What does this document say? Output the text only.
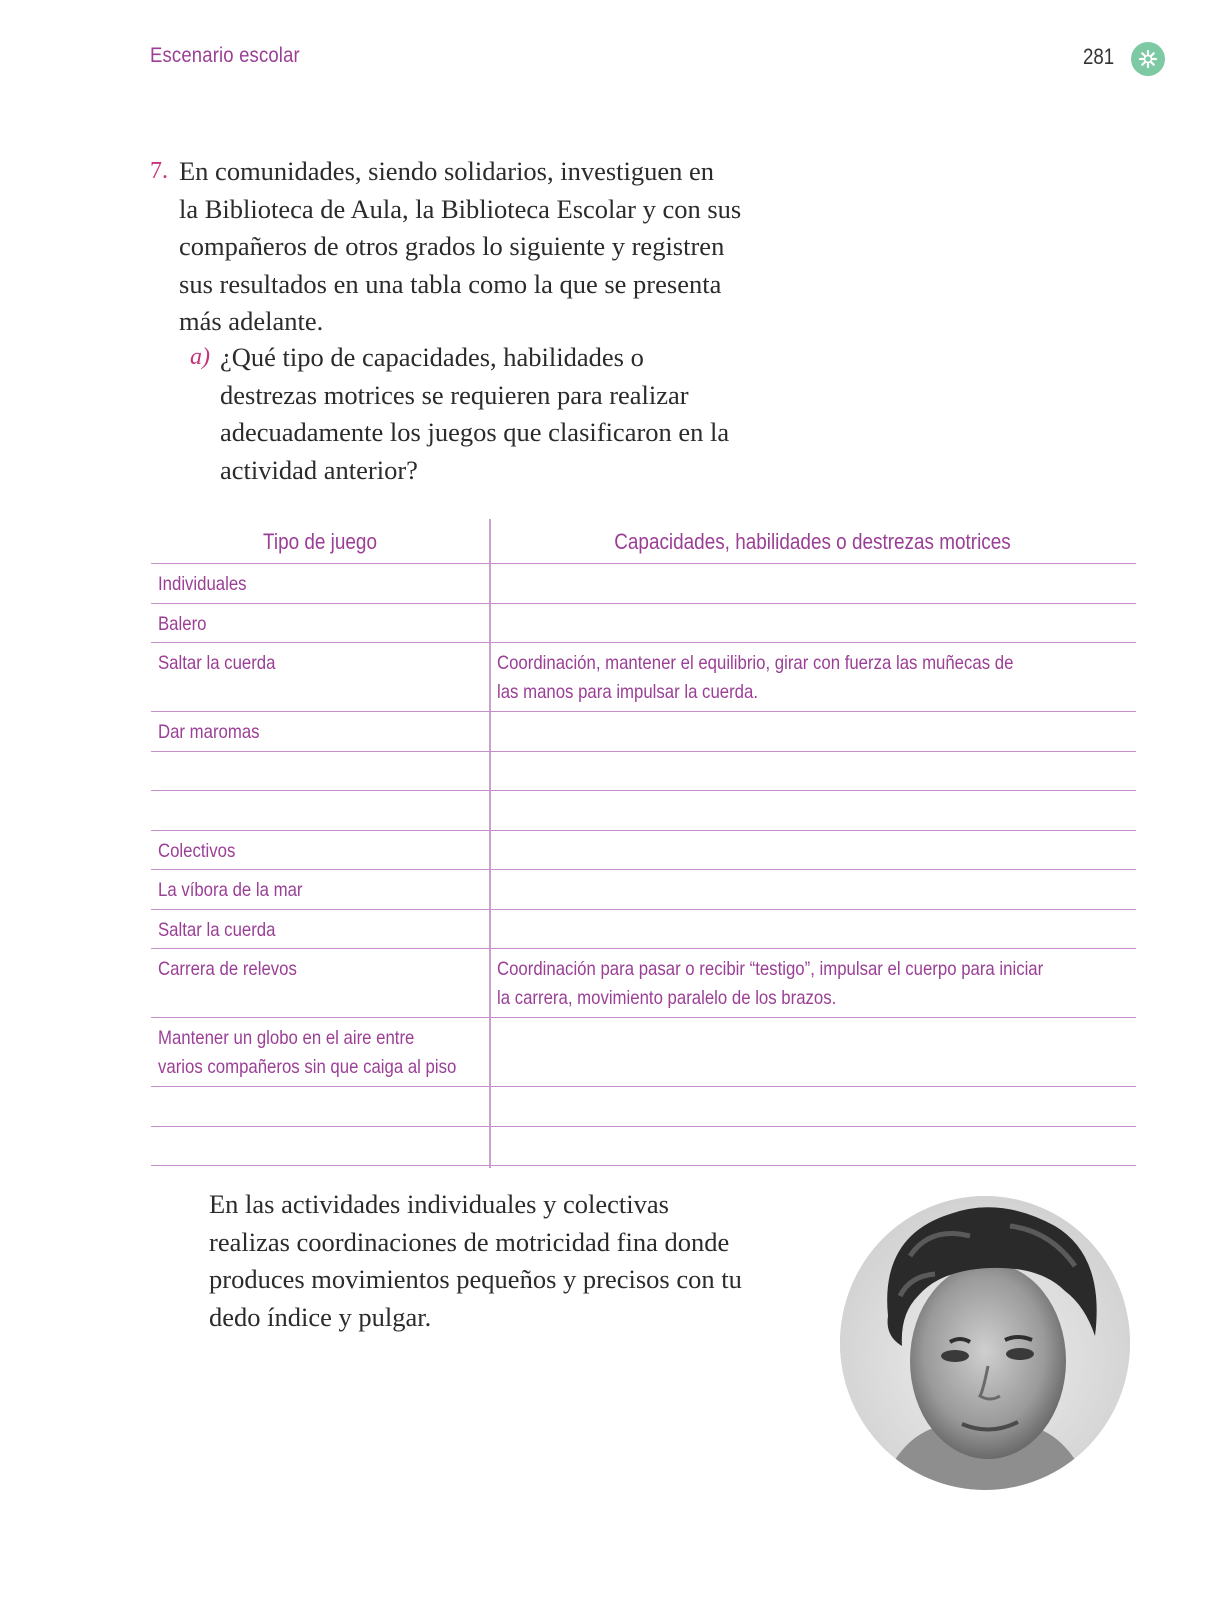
Escenario escolar	281
7. En comunidades, siendo solidarios, investiguen en
la Biblioteca de Aula, la Biblioteca Escolar y con sus
compañeros de otros grados lo siguiente y registren
sus resultados en una tabla como la que se presenta
más adelante.
a) ¿Qué tipo de capacidades, habilidades o
destrezas motrices se requieren para realizar
adecuadamente los juegos que clasificaron en la
actividad anterior?
Tipo de juego	Capacidades, habilidades o destrezas motrices
Individuales
Balero
Saltar la cuerda	Coordinación, mantener el equilibrio, girar con fuerza las muñecas de
las manos para impulsar la cuerda.
Dar maromas
Colectivos
La víbora de la mar
Saltar la cuerda
Carrera de relevos	Coordinación para pasar o recibir “testigo”, impulsar el cuerpo para iniciar
la carrera, movimiento paralelo de los brazos.
Mantener un globo en el aire entre
varios compañeros sin que caiga al piso
En las actividades individuales y colectivas
realizas coordinaciones de motricidad fina donde
produces movimientos pequeños y precisos con tu
dedo índice y pulgar.
